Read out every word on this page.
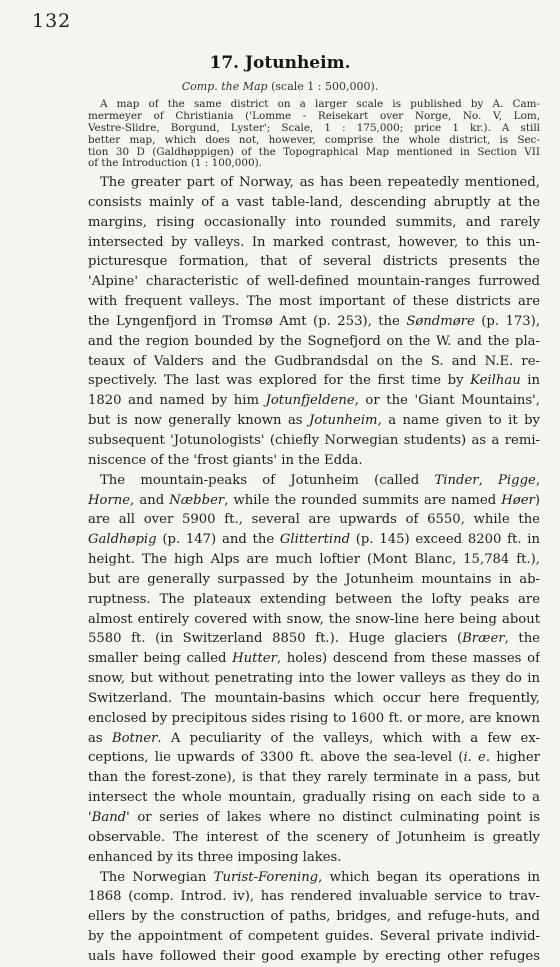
132
17. Jotunheim.
Comp. the Map (scale 1 : 500,000).
A map of the same district on a larger scale is published by A. Cam-
mermeyer of Christiania ('Lomme - Reisekart over Norge, No. V, Lom,
Vestre-Slidre, Borgund, Lyster'; Scale, 1 : 175,000; price 1 kr.). A still
better map, which does not, however, comprise the whole district, is Sec-
tion 30 D (Galdhøppigen) of the Topographical Map mentioned in Section VII
of the Introduction (1 : 100,000).
The greater part of Norway, as has been repeatedly mentioned,
consists mainly of a vast table-land, descending abruptly at the
margins, rising occasionally into rounded summits, and rarely
intersected by valleys. In marked contrast, however, to this un-
picturesque formation, that of several districts presents the
'Alpine' characteristic of well-defined mountain-ranges furrowed
with frequent valleys. The most important of these districts are
the Lyngenfjord in Tromsø Amt (p. 253), the Søndmøre (p. 173),
and the region bounded by the Sognefjord on the W. and the pla-
teaux of Valders and the Gudbrandsdal on the S. and N.E. re-
spectively. The last was explored for the first time by Keilhau in
1820 and named by him Jotunfjeldene, or the 'Giant Mountains',
but is now generally known as Jotunheim, a name given to it by
subsequent 'Jotunologists' (chiefly Norwegian students) as a remi-
niscence of the 'frost giants' in the Edda.
The mountain-peaks of Jotunheim (called Tinder, Pigge,
Horne, and Næbber, while the rounded summits are named Høer)
are all over 5900 ft., several are upwards of 6550, while the
Galdhøpig (p. 147) and the Glittertind (p. 145) exceed 8200 ft. in
height. The high Alps are much loftier (Mont Blanc, 15,784 ft.),
but are generally surpassed by the Jotunheim mountains in ab-
ruptness. The plateaux extending between the lofty peaks are
almost entirely covered with snow, the snow-line here being about
5580 ft. (in Switzerland 8850 ft.). Huge glaciers (Bræer, the
smaller being called Hutter, holes) descend from these masses of
snow, but without penetrating into the lower valleys as they do in
Switzerland. The mountain-basins which occur here frequently,
enclosed by precipitous sides rising to 1600 ft. or more, are known
as Botner. A peculiarity of the valleys, which with a few ex-
ceptions, lie upwards of 3300 ft. above the sea-level (i. e. higher
than the forest-zone), is that they rarely terminate in a pass, but
intersect the whole mountain, gradually rising on each side to a
'Band' or series of lakes where no distinct culminating point is
observable. The interest of the scenery of Jotunheim is greatly
enhanced by its three imposing lakes.
The Norwegian Turist-Forening, which began its operations in
1868 (comp. Introd. iv), has rendered invaluable service to trav-
ellers by the construction of paths, bridges, and refuge-huts, and
by the appointment of competent guides. Several private individ-
uals have followed their good example by erecting other refuges
